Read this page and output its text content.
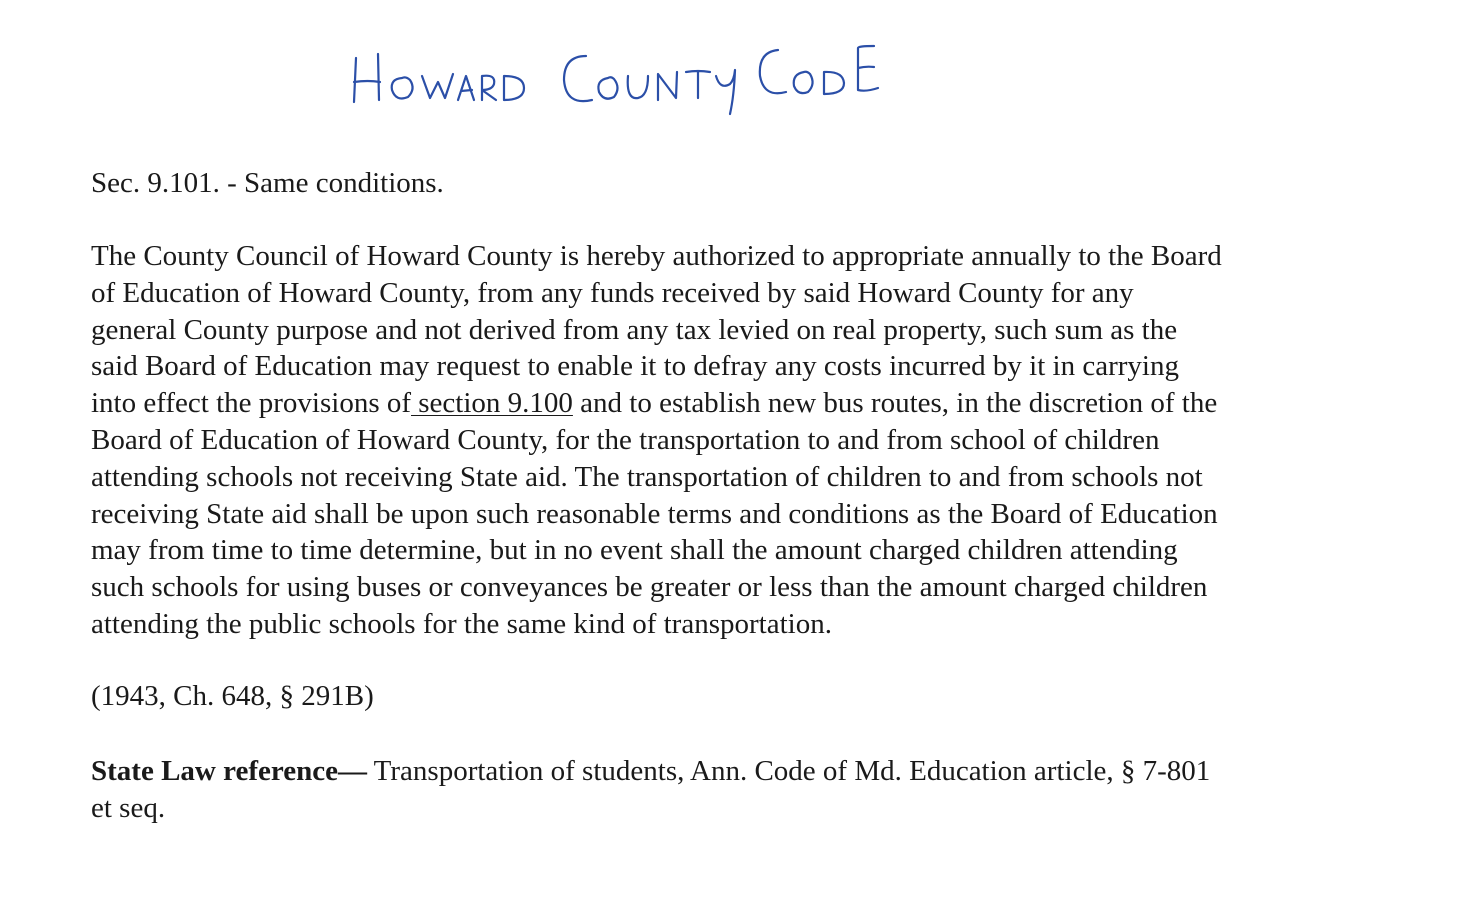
Sec. 9.101. - Same conditions.

The County Council of Howard County is hereby authorized to appropriate annually to the Board
of Education of Howard County, from any funds received by said Howard County for any
general County purpose and not derived from any tax levied on real property, such sum as the
said Board of Education may request to enable it to defray any costs incurred by it in carrying
into effect the provisions of section 9.100 and to establish new bus routes, in the discretion of the
Board of Education of Howard County, for the transportation to and from school of children
attending schools not receiving State aid. The transportation of children to and from schools not
receiving State aid shall be upon such reasonable terms and conditions as the Board of Education
may from time to time determine, but in no event shall the amount charged children attending
such schools for using buses or conveyances be greater or less than the amount charged children
attending the public schools for the same kind of transportation.

(1943, Ch. 648, § 291B)

State Law reference— Transportation of students, Ann. Code of Md. Education article, § 7-801
et seq.
